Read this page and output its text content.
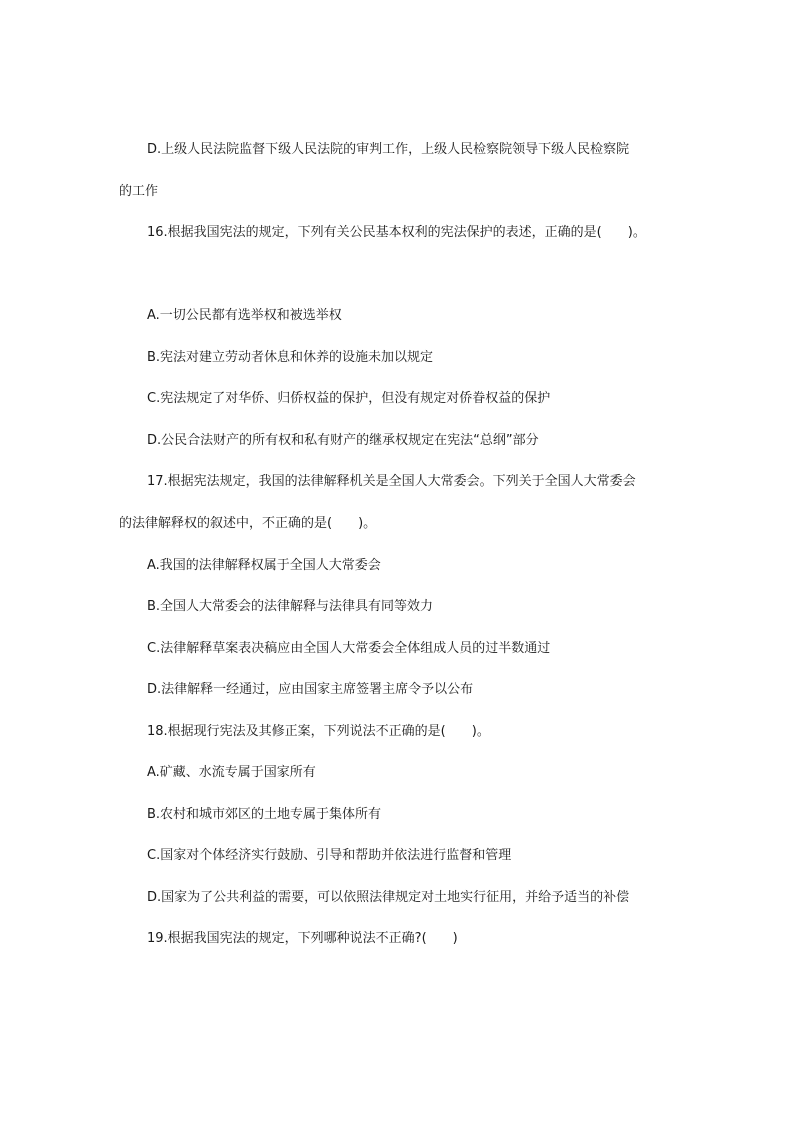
D.上级人民法院监督下级人民法院的审判工作，上级人民检察院领导下级人民检察院
的工作
16.根据我国宪法的规定，下列有关公民基本权利的宪法保护的表述，正确的是(　　)。
A.一切公民都有选举权和被选举权
B.宪法对建立劳动者休息和休养的设施未加以规定
C.宪法规定了对华侨、归侨权益的保护，但没有规定对侨眷权益的保护
D.公民合法财产的所有权和私有财产的继承权规定在宪法“总纲”部分
17.根据宪法规定，我国的法律解释机关是全国人大常委会。下列关于全国人大常委会
的法律解释权的叙述中，不正确的是(　　)。
A.我国的法律解释权属于全国人大常委会
B.全国人大常委会的法律解释与法律具有同等效力
C.法律解释草案表决稿应由全国人大常委会全体组成人员的过半数通过
D.法律解释一经通过，应由国家主席签署主席令予以公布
18.根据现行宪法及其修正案，下列说法不正确的是(　　)。
A.矿藏、水流专属于国家所有
B.农村和城市郊区的土地专属于集体所有
C.国家对个体经济实行鼓励、引导和帮助并依法进行监督和管理
D.国家为了公共利益的需要，可以依照法律规定对土地实行征用，并给予适当的补偿
19.根据我国宪法的规定，下列哪种说法不正确?(　　)
